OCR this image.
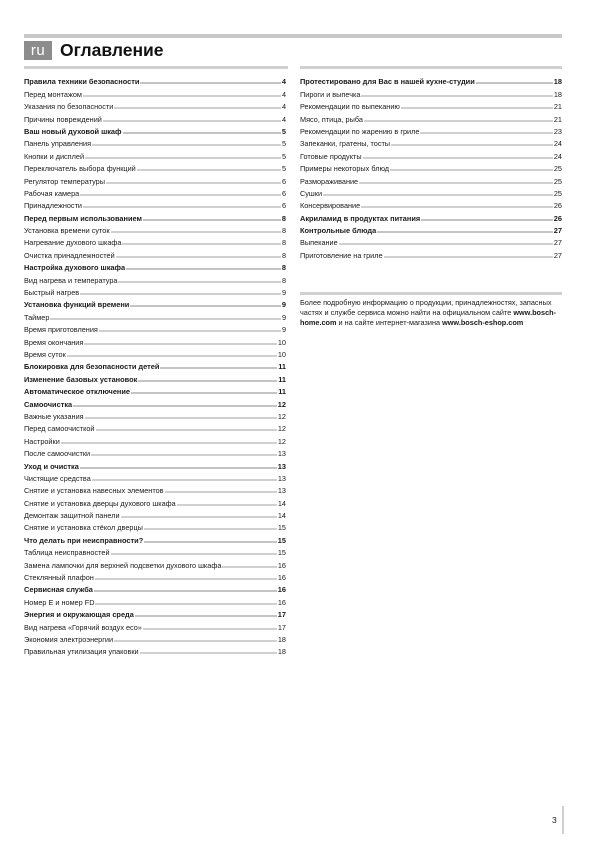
ru Оглавление
Правила техники безопасности	4
Перед монтажом	4
Указания по безопасности	4
Причины повреждений	4
Ваш новый духовой шкаф	5
Панель управления	5
Кнопки и дисплей	5
Переключатель выбора функций	5
Регулятор температуры	6
Рабочая камера	6
Принадлежности	6
Перед первым использованием	8
Установка времени суток	8
Нагревание духового шкафа	8
Очистка принадлежностей	8
Настройка духового шкафа	8
Вид нагрева и температура	8
Быстрый нагрев	9
Установка функций времени	9
Таймер	9
Время приготовления	9
Время окончания	10
Время суток	10
Блокировка для безопасности детей	11
Изменение базовых установок	11
Автоматическое отключение	11
Самоочистка	12
Важные указания	12
Перед самоочисткой	12
Настройки	12
После самоочистки	13
Уход и очистка	13
Чистящие средства	13
Снятие и установка навесных элементов	13
Снятие и установка дверцы духового шкафа	14
Демонтаж защитной панели	14
Снятие и установка стёкол дверцы	15
Что делать при неисправности?	15
Таблица неисправностей	15
Замена лампочки для верхней подсветки духового шкафа	16
Стеклянный плафон	16
Сервисная служба	16
Номер E и номер FD	16
Энергия и окружающая среда	17
Вид нагрева «Горячий воздух eco»	17
Экономия электроэнергии	18
Правильная утилизация упаковки	18
Протестировано для Вас в нашей кухне-студии	18
Пироги и выпечка	18
Рекомендации по выпеканию	21
Мясо, птица, рыба	21
Рекомендации по жарению в гриле	23
Запеканки, гратены, тосты	24
Готовые продукты	24
Примеры некоторых блюд	25
Размораживание	25
Сушки	25
Консервирование	26
Акриламид в продуктах питания	26
Контрольные блюда	27
Выпекание	27
Приготовление на гриле	27
Более подробную информацию о продукции, принадлежностях, запасных частях и службе сервиса можно найти на официальном сайте www.bosch-home.com и на сайте интернет-магазина www.bosch-eshop.com
3
